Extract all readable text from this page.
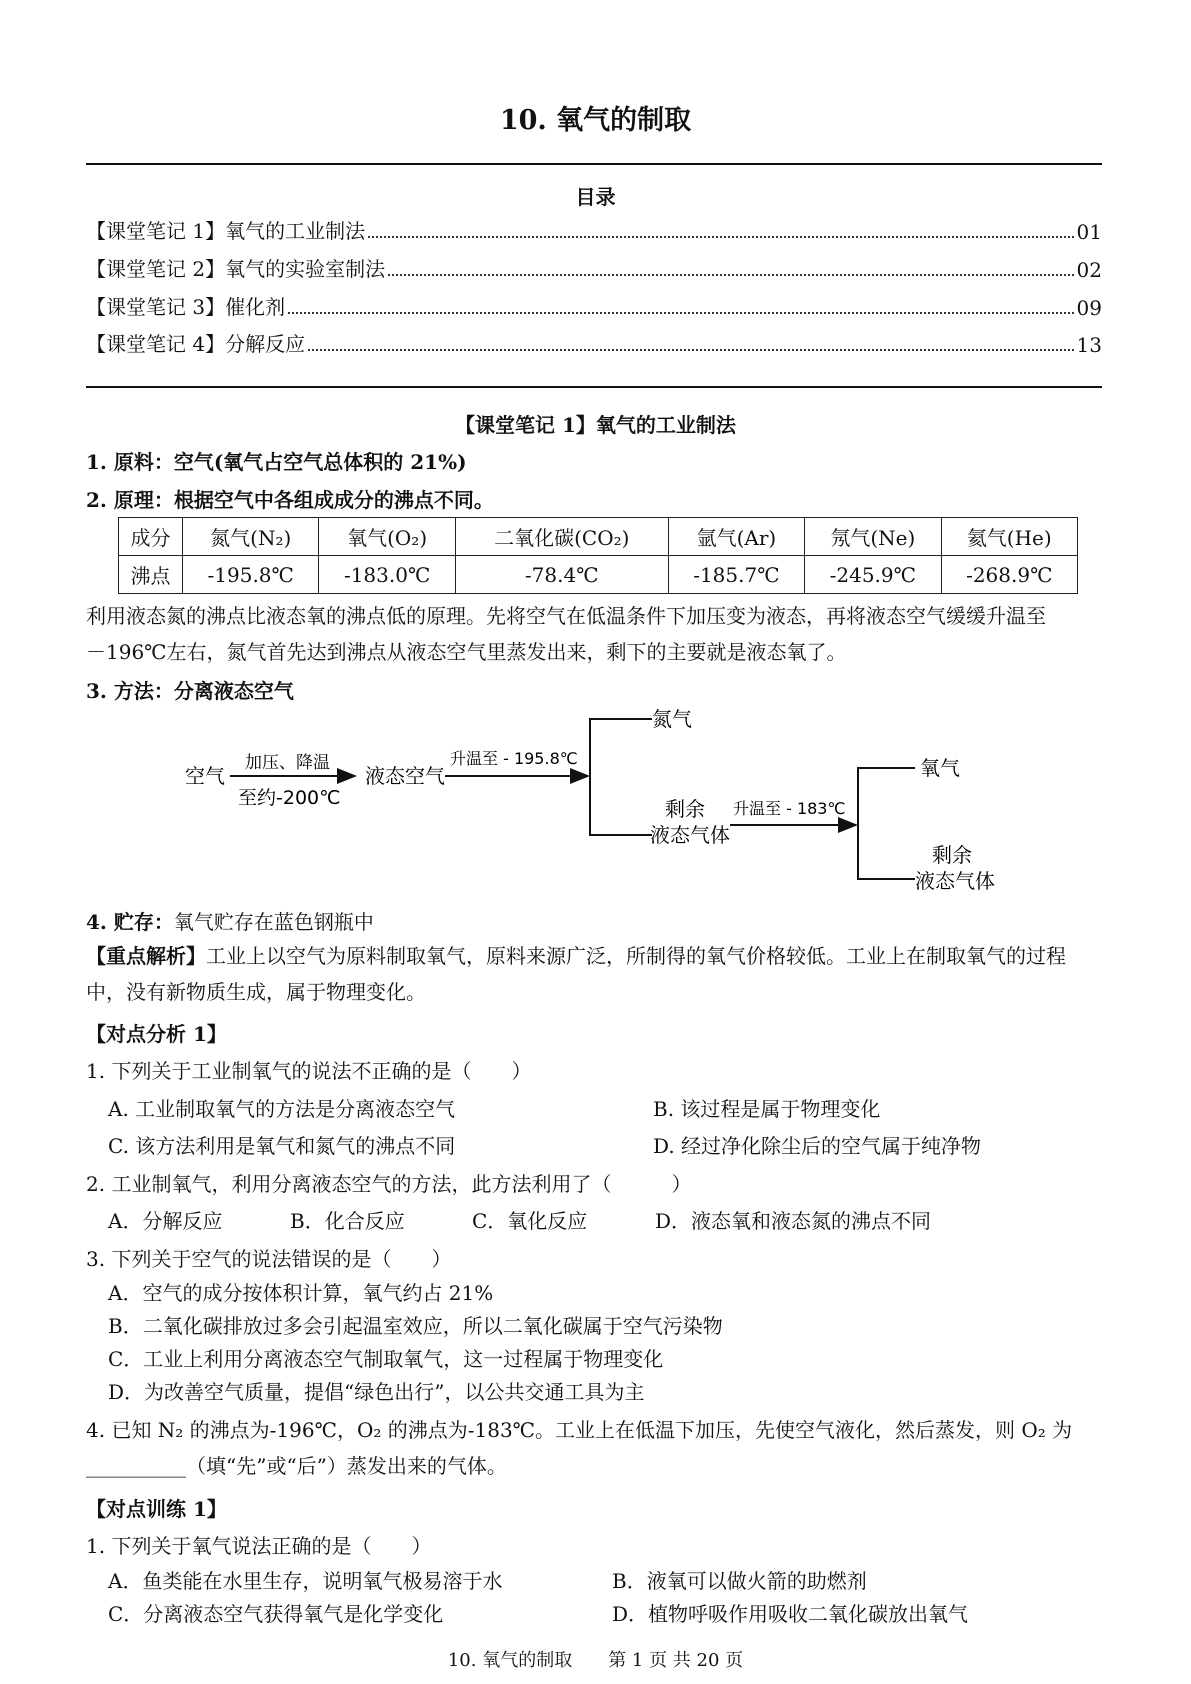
10. 氧气的制取
目录
【课堂笔记 1】氧气的工业制法	01
【课堂笔记 2】氧气的实验室制法	02
【课堂笔记 3】催化剂	09
【课堂笔记 4】分解反应	13
【课堂笔记 1】氧气的工业制法
1. 原料：空气(氧气占空气总体积的 21%)
2. 原理：根据空气中各组成成分的沸点不同。
成分	氮气(N₂)	氧气(O₂)	二氧化碳(CO₂)	氩气(Ar)	氖气(Ne)	氦气(He)
沸点	-195.8℃	-183.0℃	-78.4℃	-185.7℃	-245.9℃	-268.9℃
利用液态氮的沸点比液态氧的沸点低的原理。先将空气在低温条件下加压变为液态，再将液态空气缓缓升温至
－196℃左右，氮气首先达到沸点从液态空气里蒸发出来，剩下的主要就是液态氧了。
3. 方法：分离液态空气
空气
加压、降温
至约-200℃
液态空气
升温至 - 195.8℃
氮气
剩余
液态气体
升温至 - 183℃
氧气
剩余
液态气体
4. 贮存：氧气贮存在蓝色钢瓶中
【重点解析】工业上以空气为原料制取氧气，原料来源广泛，所制得的氧气价格较低。工业上在制取氧气的过程
中，没有新物质生成，属于物理变化。
【对点分析 1】
1. 下列关于工业制氧气的说法不正确的是（　　）
A. 工业制取氧气的方法是分离液态空气	B. 该过程是属于物理变化
C. 该方法利用是氧气和氮气的沸点不同	D. 经过净化除尘后的空气属于纯净物
2. 工业制氧气，利用分离液态空气的方法，此方法利用了（　　　）
A．分解反应	B．化合反应	C．氧化反应	D．液态氧和液态氮的沸点不同
3. 下列关于空气的说法错误的是（　　）
A．空气的成分按体积计算，氧气约占 21%
B．二氧化碳排放过多会引起温室效应，所以二氧化碳属于空气污染物
C．工业上利用分离液态空气制取氧气，这一过程属于物理变化
D．为改善空气质量，提倡“绿色出行”，以公共交通工具为主
4. 已知 N₂ 的沸点为-196℃，O₂ 的沸点为-183℃。工业上在低温下加压，先使空气液化，然后蒸发，则 O₂ 为
__________（填“先”或“后”）蒸发出来的气体。
【对点训练 1】
1. 下列关于氧气说法正确的是（　　）
A．鱼类能在水里生存，说明氧气极易溶于水	B．液氧可以做火箭的助燃剂
C．分离液态空气获得氧气是化学变化	D．植物呼吸作用吸收二氧化碳放出氧气
10. 氧气的制取　　第 1 页 共 20 页
